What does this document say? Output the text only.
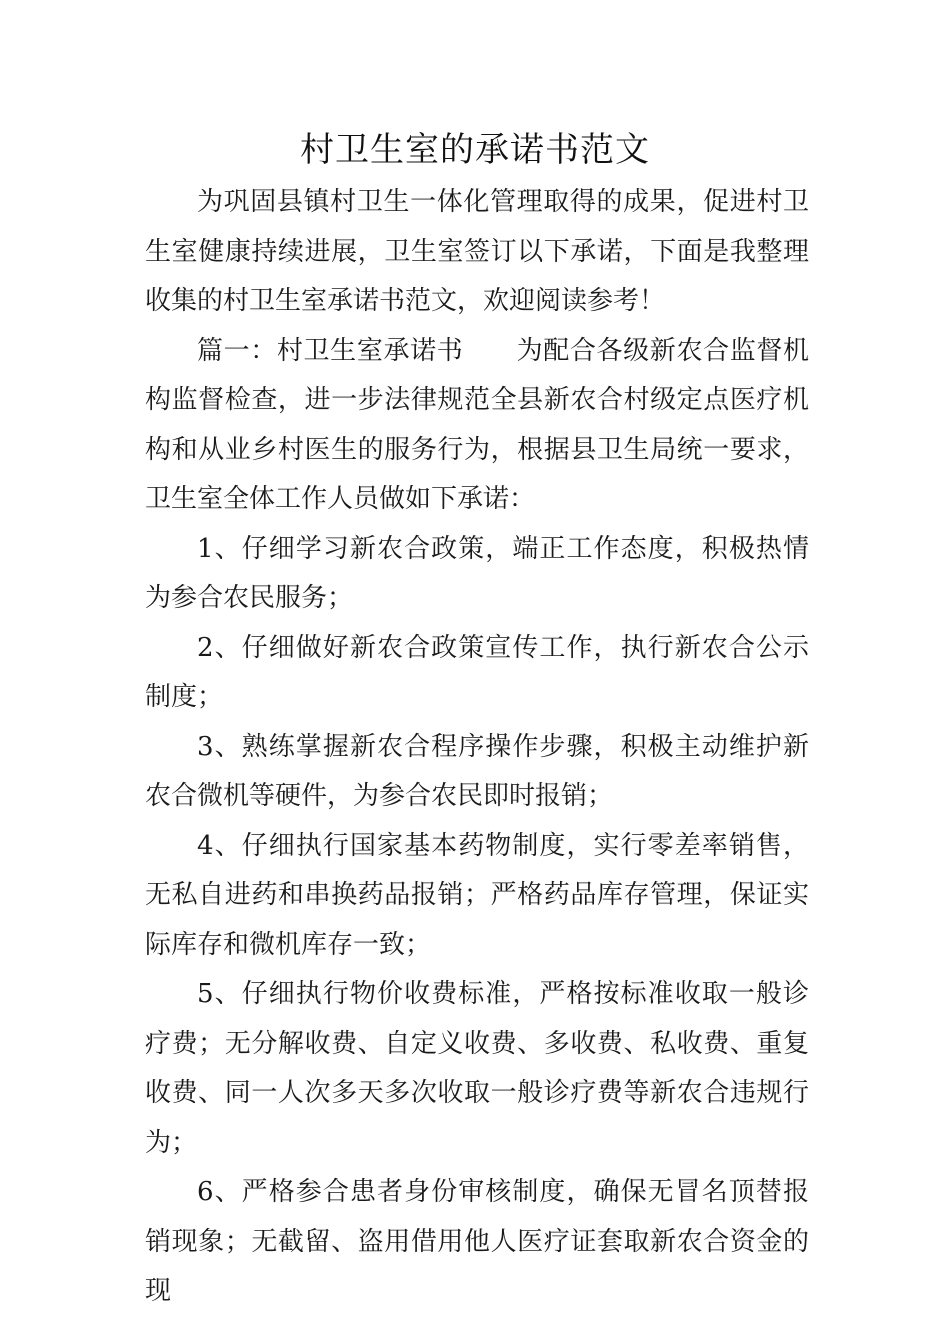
村卫生室的承诺书范文

为巩固县镇村卫生一体化管理取得的成果，促进村卫生室健康持续进展，卫生室签订以下承诺，下面是我整理收集的村卫生室承诺书范文，欢迎阅读参考！

篇一：村卫生室承诺书　　为配合各级新农合监督机构监督检查，进一步法律规范全县新农合村级定点医疗机构和从业乡村医生的服务行为，根据县卫生局统一要求，卫生室全体工作人员做如下承诺：

1、仔细学习新农合政策，端正工作态度，积极热情为参合农民服务；

2、仔细做好新农合政策宣传工作，执行新农合公示制度；

3、熟练掌握新农合程序操作步骤，积极主动维护新农合微机等硬件，为参合农民即时报销；

4、仔细执行国家基本药物制度，实行零差率销售，无私自进药和串换药品报销；严格药品库存管理，保证实际库存和微机库存一致；

5、仔细执行物价收费标准，严格按标准收取一般诊疗费；无分解收费、自定义收费、多收费、私收费、重复收费、同一人次多天多次收取一般诊疗费等新农合违规行为；

6、严格参合患者身份审核制度，确保无冒名顶替报销现象；无截留、盗用借用他人医疗证套取新农合资金的现
